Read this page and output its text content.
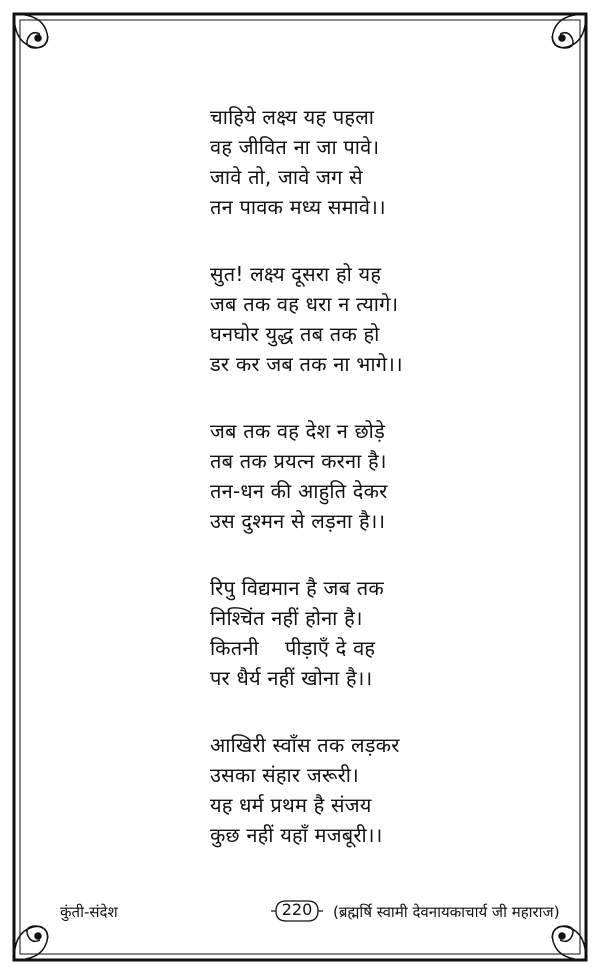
चाहिये लक्ष्य यह पहला
वह जीवित ना जा पावे।
जावे तो, जावे जग से
तन पावक मध्य समावे।।
सुत! लक्ष्य दूसरा हो यह
जब तक वह धरा न त्यागे।
घनघोर युद्ध तब तक हो
डर कर जब तक ना भागे।।
जब तक वह देश न छोड़े
तब तक प्रयत्न करना है।
तन-धन की आहुति देकर
उस दुश्मन से लड़ना है।।
रिपु विद्यमान है जब तक
निश्चिंत नहीं होना है।
कितनी    पीड़ाएँ दे वह
पर धैर्य नहीं खोना है।।
आखिरी स्वाँस तक लड़कर
उसका संहार जरूरी।
यह धर्म प्रथम है संजय
कुछ नहीं यहाँ मजबूरी।।
कुंती-संदेश	220	(ब्रह्मर्षि स्वामी देवनायकाचार्य जी महाराज)
